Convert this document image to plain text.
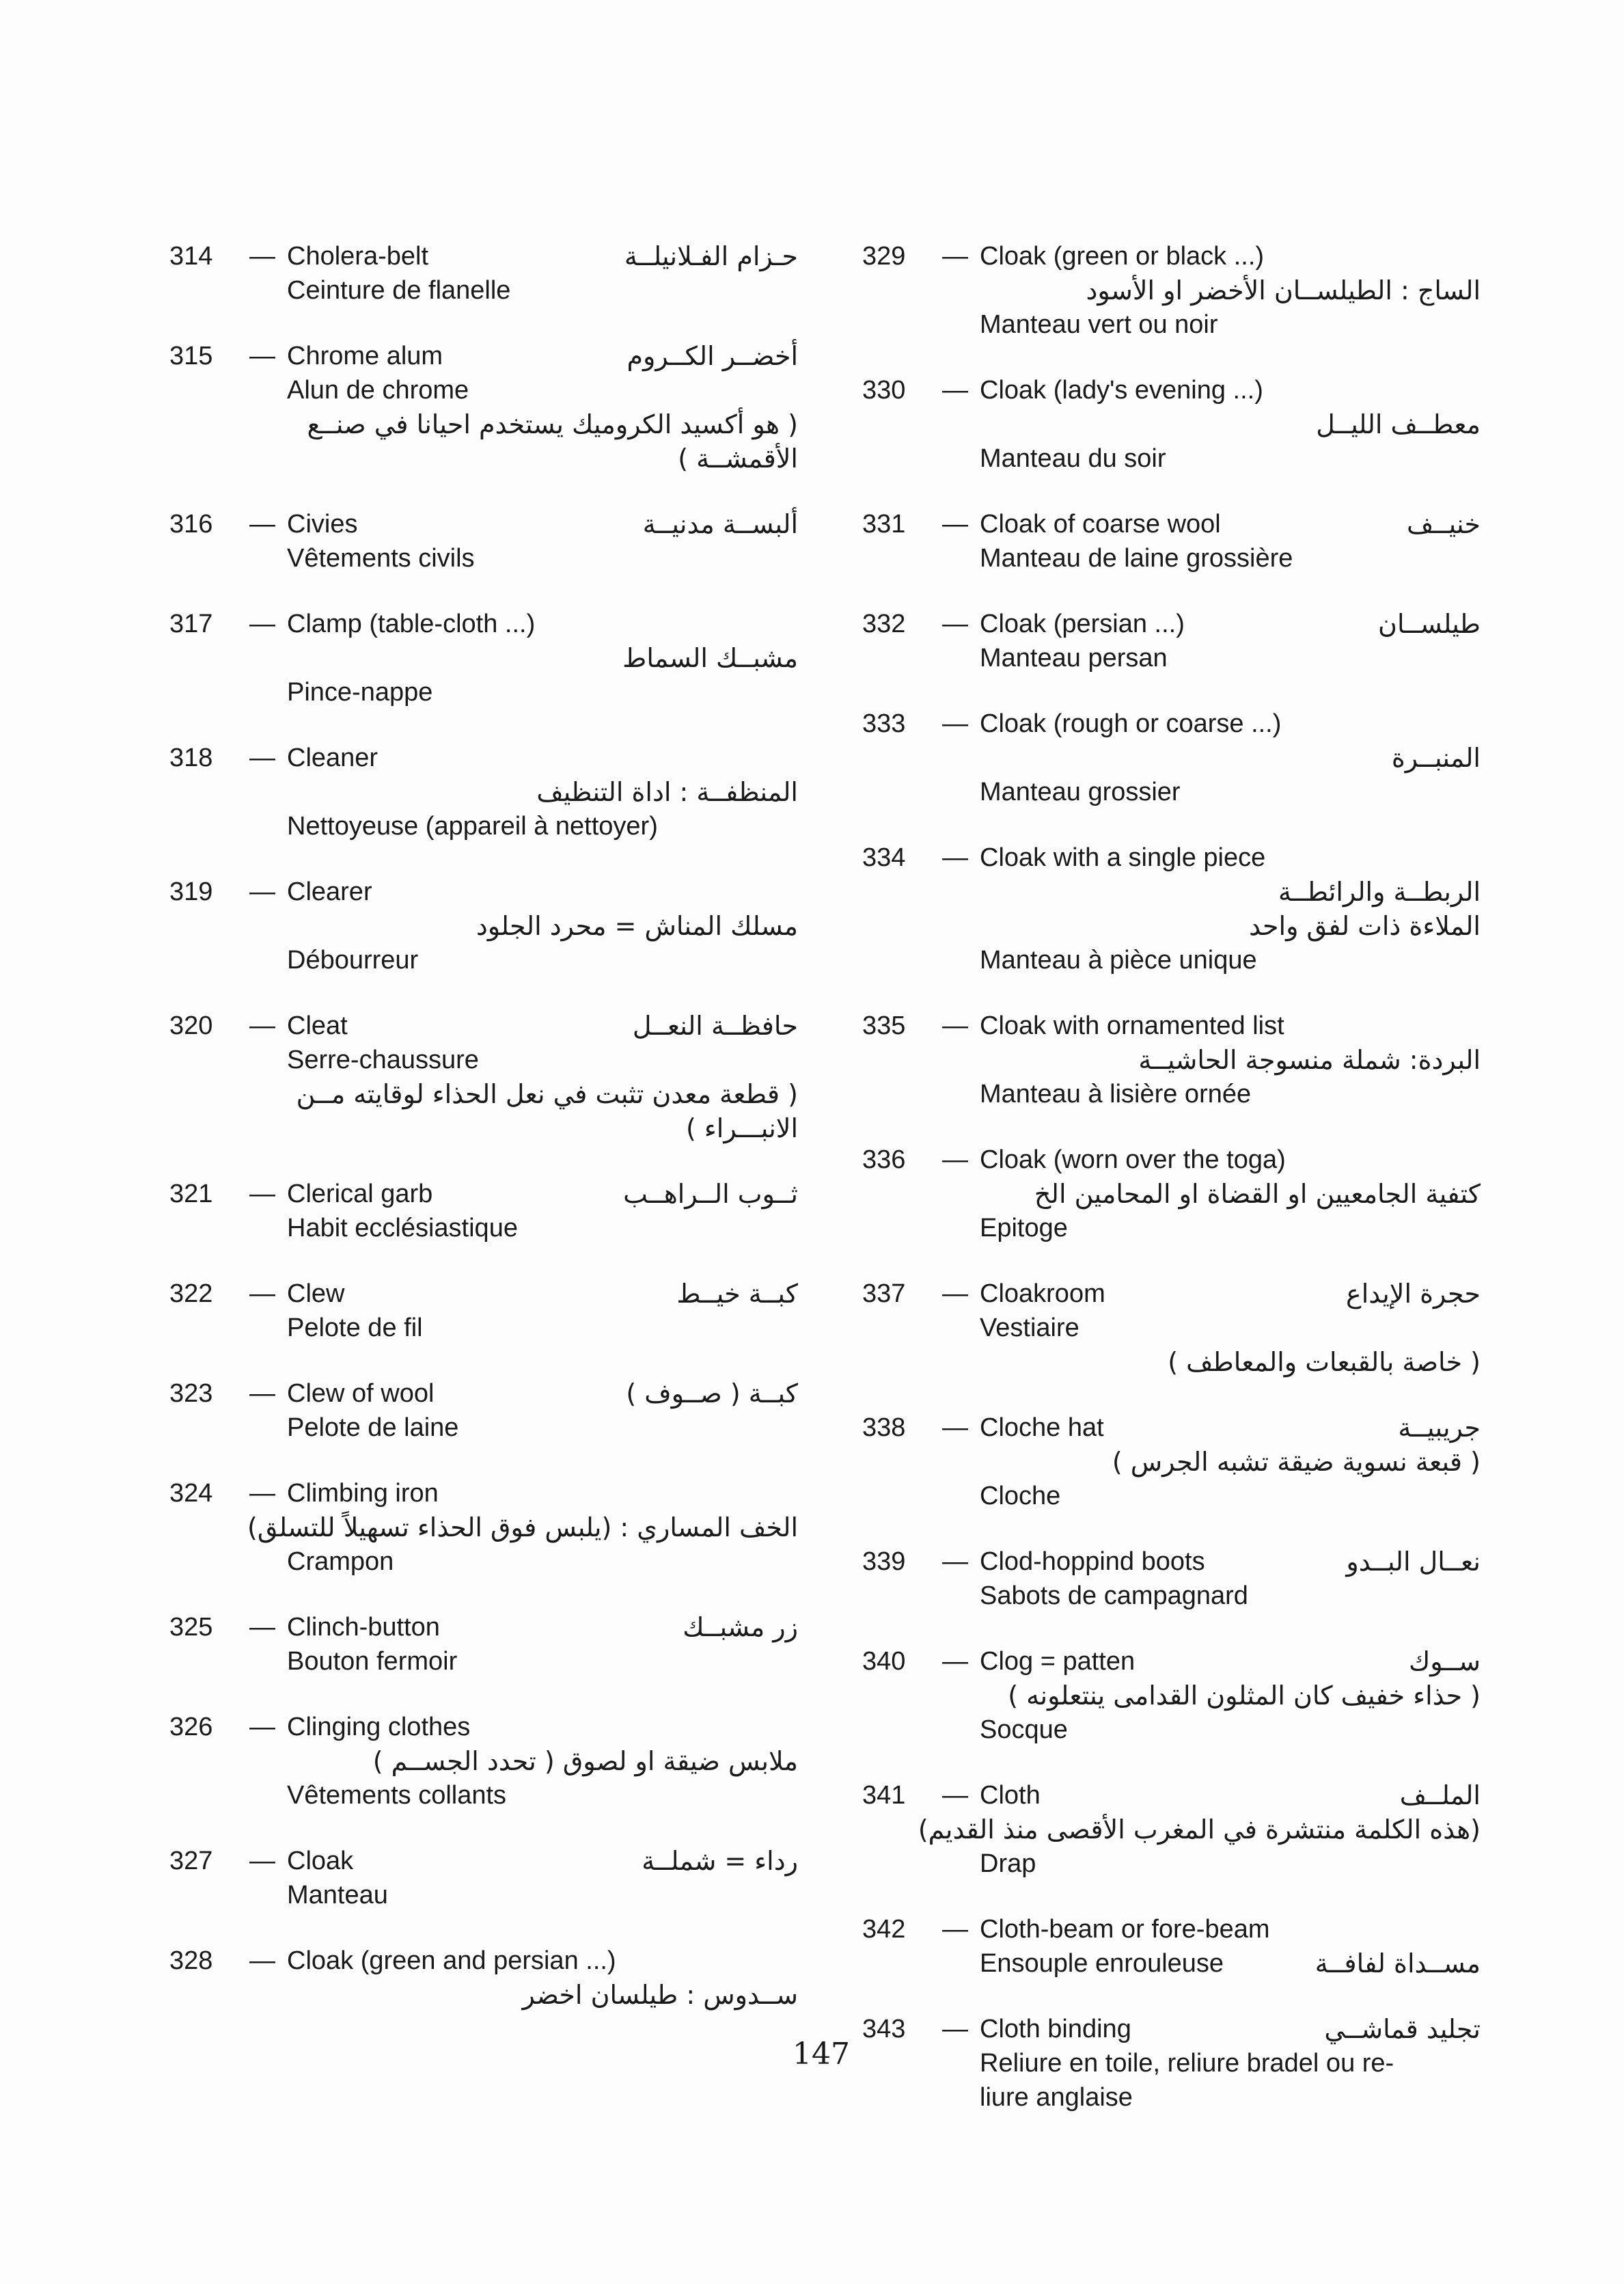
314 — Cholera-belt	حـزام الفـلانيلــة
Ceinture de flanelle
315 — Chrome alum	أخضــر الكــروم
Alun de chrome
( هو أكسيد الكروميك يستخدم احيانا في صنــع
الأقمشــة )
316 — Civies	ألبســة مدنيــة
Vêtements civils
317 — Clamp (table-cloth ...)
مشبــك السماط
Pince-nappe
318 — Cleaner
المنظفــة : اداة التنظيف
Nettoyeuse (appareil à nettoyer)
319 — Clearer
مسلك المناش = محرد الجلود
Débourreur
320 — Cleat	حافظــة النعــل
Serre-chaussure
( قطعة معدن تثبت في نعل الحذاء لوقايته مــن
الانبـــراء )
321 — Clerical garb	ثــوب الــراهــب
Habit ecclésiastique
322 — Clew	كبــة خيــط
Pelote de fil
323 — Clew of wool	كبــة ( صــوف )
Pelote de laine
324 — Climbing iron
الخف المساري : (يلبس فوق الحذاء تسهيلاً للتسلق)
Crampon
325 — Clinch-button	زر مشبــك
Bouton fermoir
326 — Clinging clothes
ملابس ضيقة او لصوق ( تحدد الجســم )
Vêtements collants
327 — Cloak	رداء = شملــة
Manteau
328 — Cloak (green and persian ...)
ســدوس : طيلسان اخضر
329 — Cloak (green or black ...)
الساج : الطيلســان الأخضر او الأسود
Manteau vert ou noir
330 — Cloak (lady's evening ...)
معطــف الليــل
Manteau du soir
331 — Cloak of coarse wool	خنيــف
Manteau de laine grossière
332 — Cloak (persian ...)	طيلســان
Manteau persan
333 — Cloak (rough or coarse ...)
المنبــرة
Manteau grossier
334 — Cloak with a single piece
الربطــة والرائطــة
الملاءة ذات لفق واحد
Manteau à pièce unique
335 — Cloak with ornamented list
البردة: شملة منسوجة الحاشيــة
Manteau à lisière ornée
336 — Cloak (worn over the toga)
كتفية الجامعيين او القضاة او المحامين الخ
Epitoge
337 — Cloakroom	حجرة الإيداع
Vestiaire
( خاصة بالقبعات والمعاطف )
338 — Cloche hat	جريبيــة
( قبعة نسوية ضيقة تشبه الجرس )
Cloche
339 — Clod-hoppind boots	نعــال البــدو
Sabots de campagnard
340 — Clog = patten	ســوك
( حذاء خفيف كان المثلون القدامى ينتعلونه )
Socque
341 — Cloth	الملــف
(هذه الكلمة منتشرة في المغرب الأقصى منذ القديم)
Drap
342 — Cloth-beam or fore-beam
Ensouple enrouleuse	مســداة لفافــة
343 — Cloth binding	تجليد قماشــي
Reliure en toile, reliure bradel ou re-
liure anglaise
147
